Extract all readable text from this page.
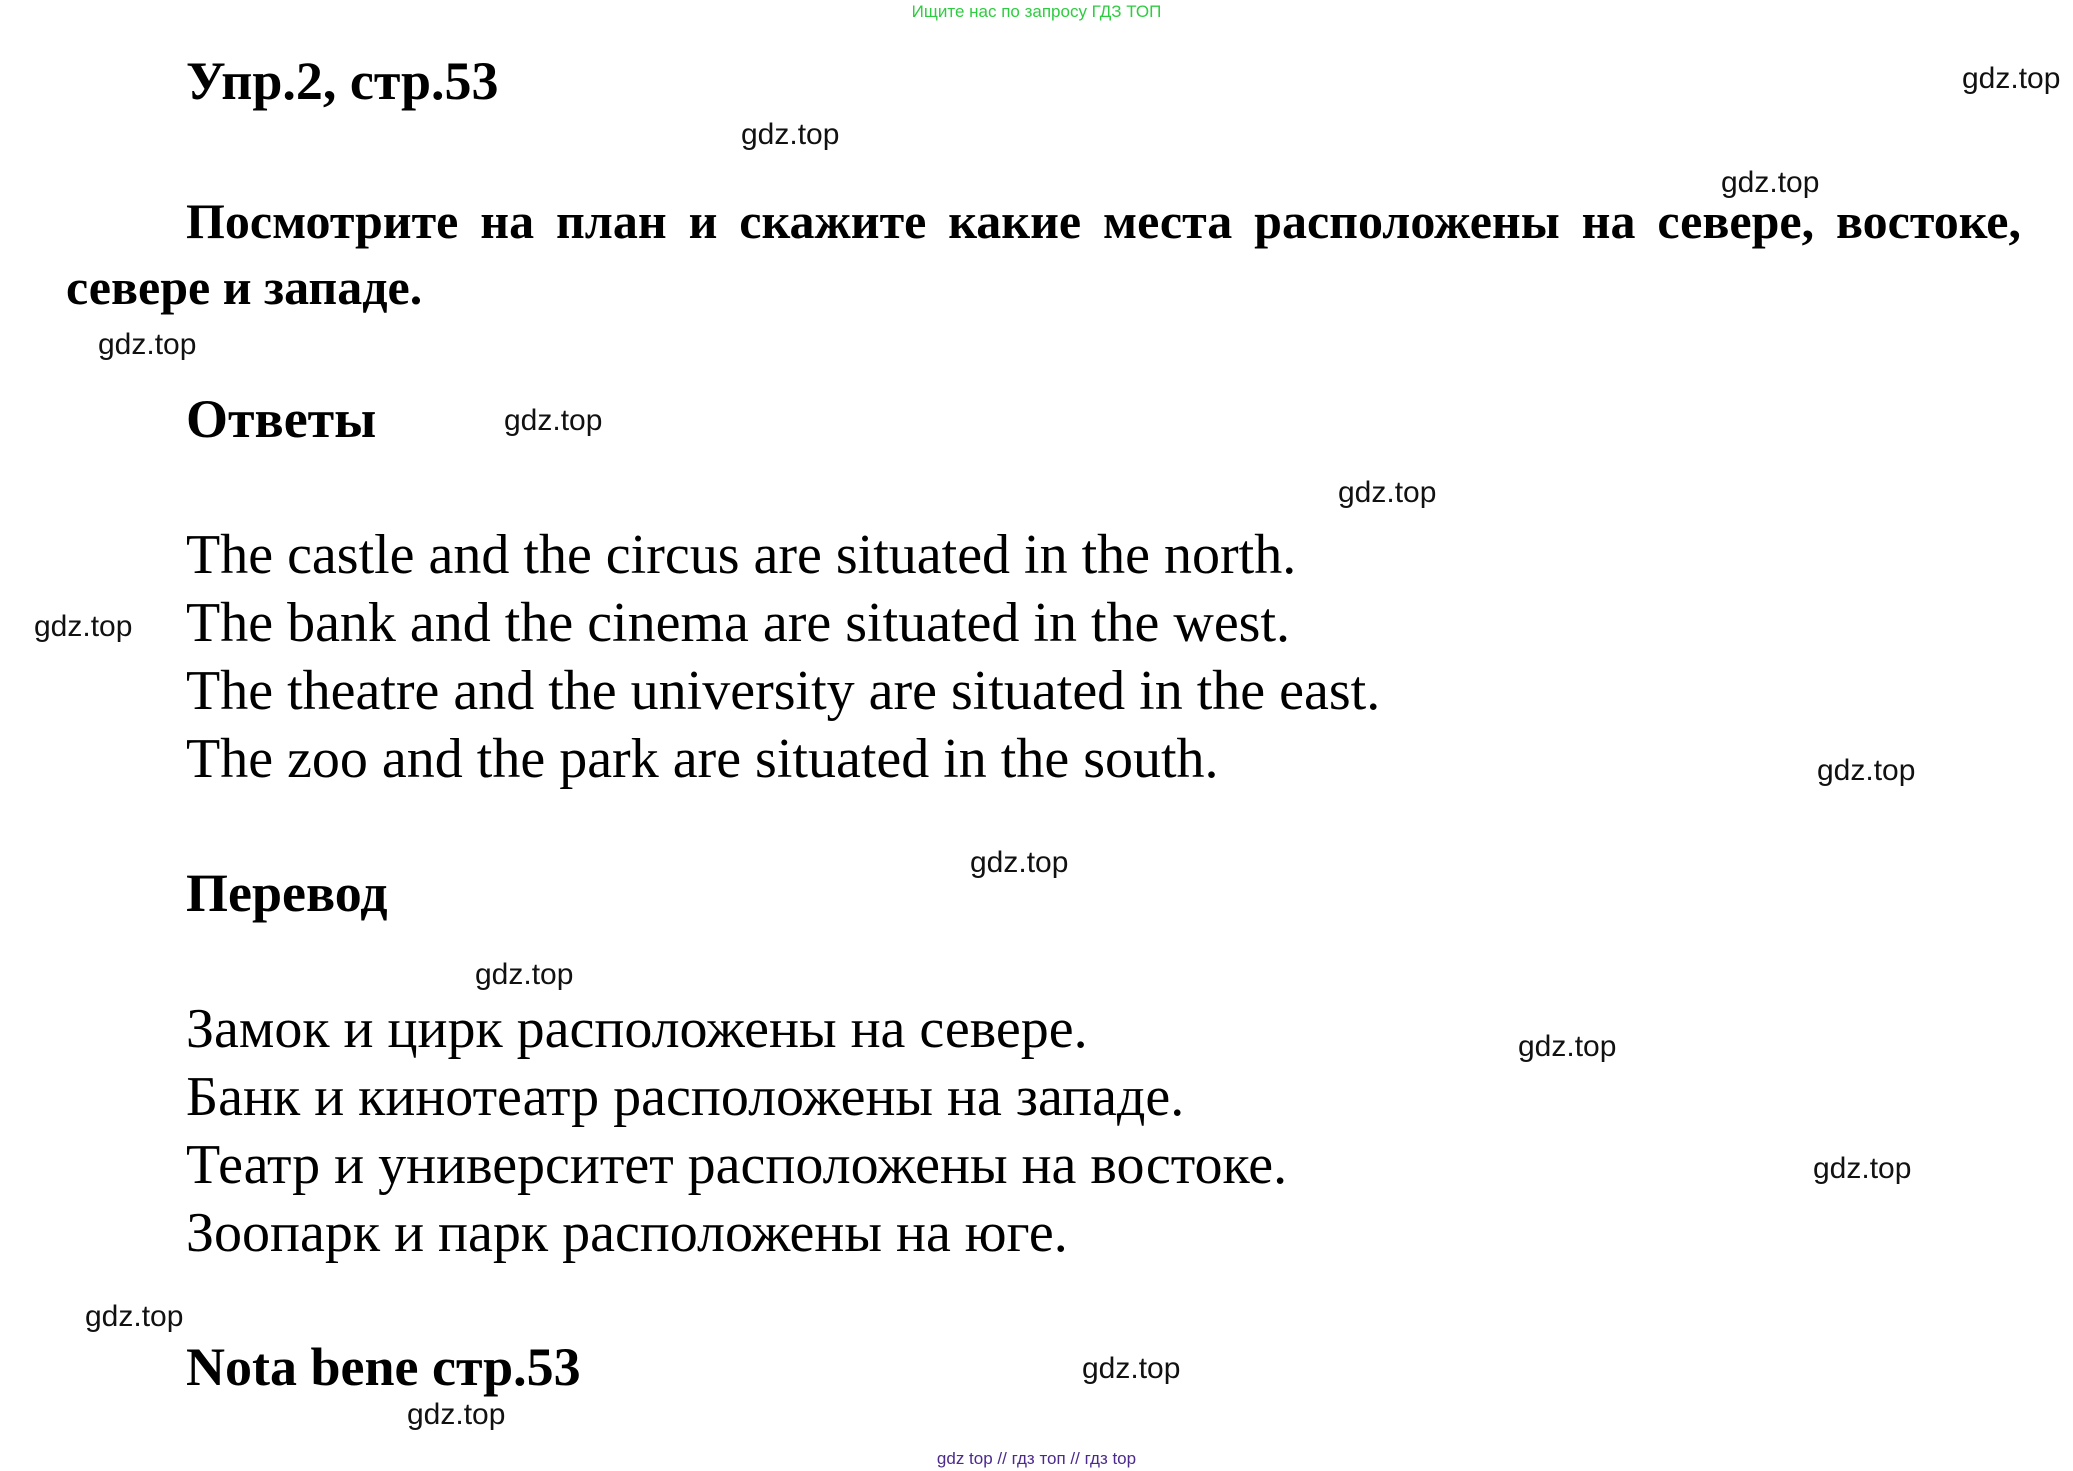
Ищите нас по запросу ГДЗ ТОП
Упр.2, стр.53
Посмотрите на план и скажите какие места расположены на севере, востоке, севере и западе.
Ответы
The castle and the circus are situated in the north.
The bank and the cinema are situated in the west.
The theatre and the university are situated in the east.
The zoo and the park are situated in the south.
Перевод
Замок и цирк расположены на севере.
Банк и кинотеатр расположены на западе.
Театр и университет расположены на востоке.
Зоопарк и парк расположены на юге.
Nota bene стр.53
gdz.top
gdz.top
gdz.top
gdz.top
gdz.top
gdz.top
gdz.top
gdz.top
gdz.top
gdz.top
gdz.top
gdz.top
gdz.top
gdz.top
gdz.top
gdz top // гдз топ // гдз top
